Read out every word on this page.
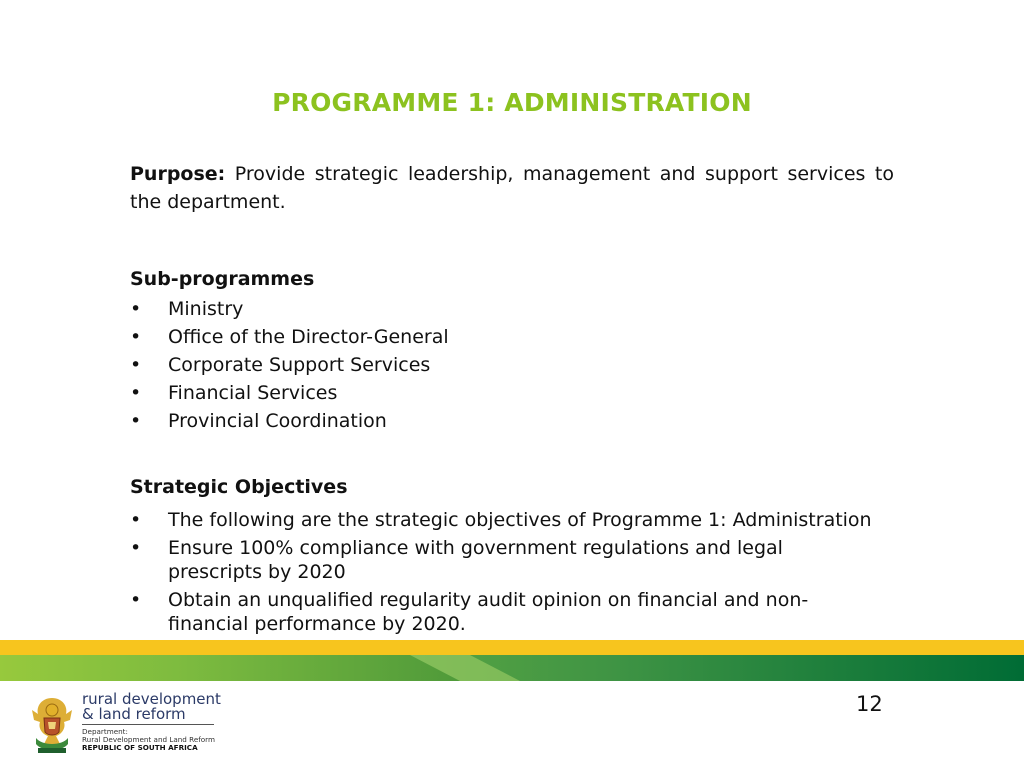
PROGRAMME 1: ADMINISTRATION

Purpose: Provide strategic leadership, management and support services to the department.

Sub-programmes
• Ministry
• Office of the Director-General
• Corporate Support Services
• Financial Services
• Provincial Coordination
Strategic Objectives
• The following are the strategic objectives of Programme 1: Administration
• Ensure 100% compliance with government regulations and legal prescripts by 2020
• Obtain an unqualified regularity audit opinion on financial and non-financial performance by 2020.
12
rural development
& land reform
Department:
Rural Development and Land Reform
REPUBLIC OF SOUTH AFRICA
